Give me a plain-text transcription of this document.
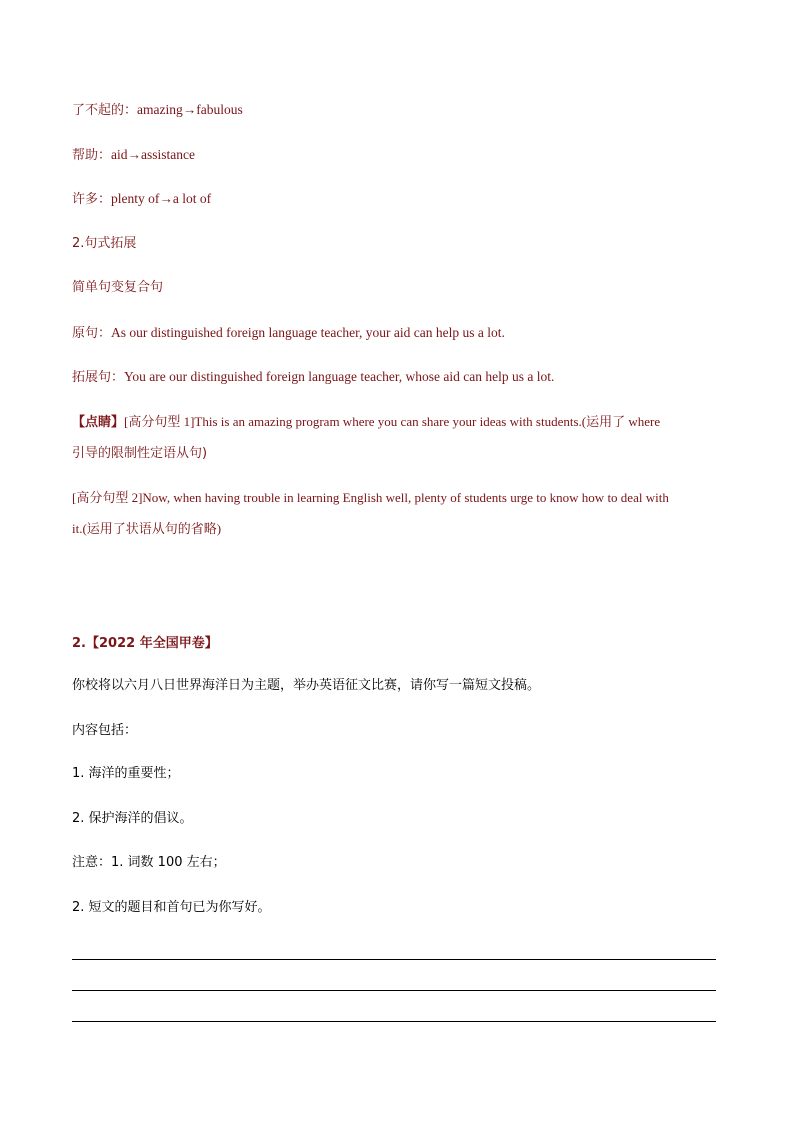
了不起的：amazing→fabulous
帮助：aid→assistance
许多：plenty of→a lot of
2.句式拓展
简单句变复合句
原句：As our distinguished foreign language teacher, your aid can help us a lot.
拓展句：You are our distinguished foreign language teacher, whose aid can help us a lot.
【点睛】[高分句型 1]This is an amazing program where you can share your ideas with students.(运用了 where
引导的限制性定语从句)
[高分句型 2]Now, when having trouble in learning English well, plenty of students urge to know how to deal with
it.(运用了状语从句的省略)
2.【2022 年全国甲卷】
你校将以六月八日世界海洋日为主题，举办英语征文比赛，请你写一篇短文投稿。
内容包括：
1. 海洋的重要性；
2. 保护海洋的倡议。
注意：1. 词数 100 左右；
2. 短文的题目和首句已为你写好。
